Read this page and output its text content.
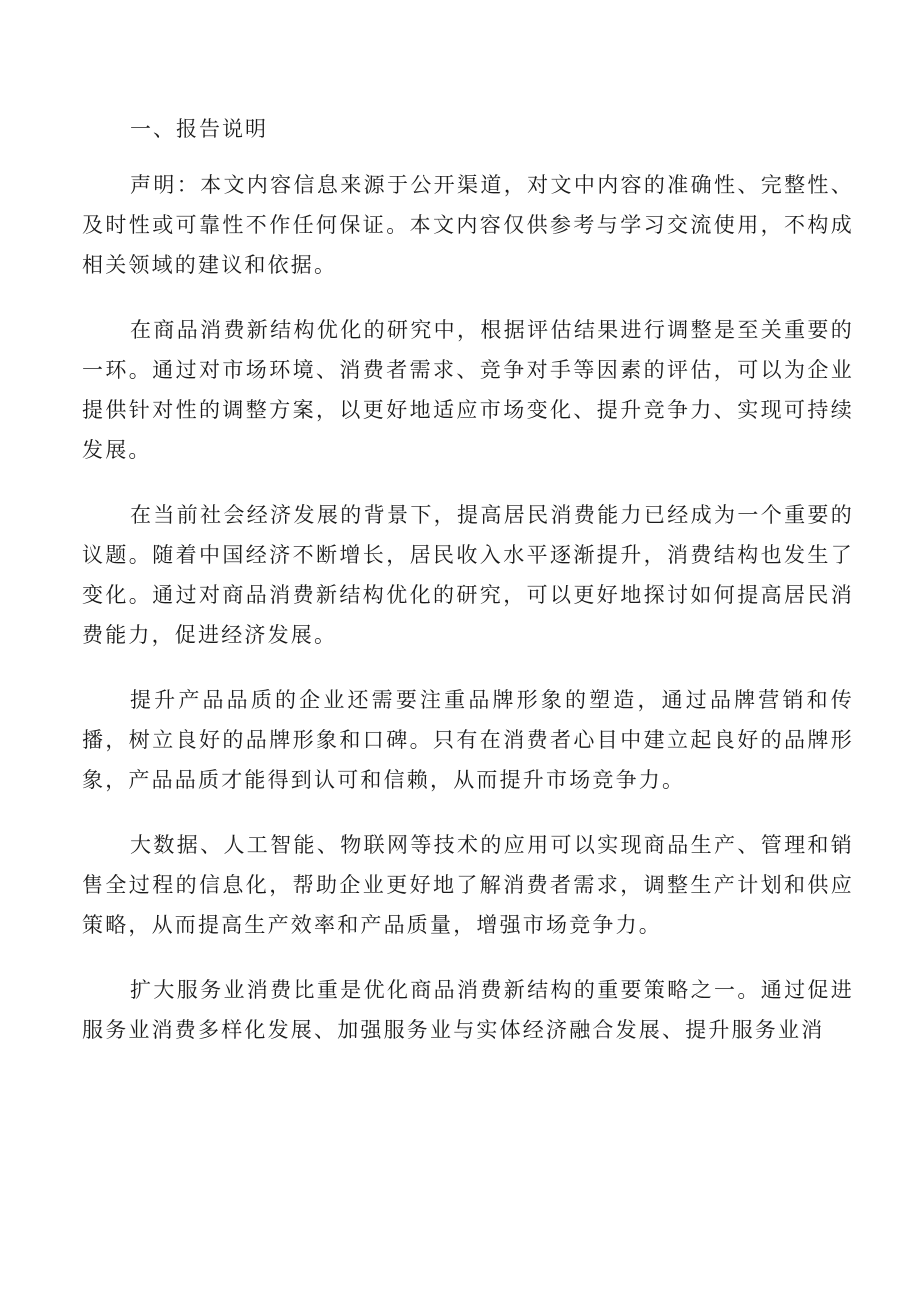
一、报告说明

声明：本文内容信息来源于公开渠道，对文中内容的准确性、完整性、及时性或可靠性不作任何保证。本文内容仅供参考与学习交流使用，不构成相关领域的建议和依据。

在商品消费新结构优化的研究中，根据评估结果进行调整是至关重要的一环。通过对市场环境、消费者需求、竞争对手等因素的评估，可以为企业提供针对性的调整方案，以更好地适应市场变化、提升竞争力、实现可持续发展。

在当前社会经济发展的背景下，提高居民消费能力已经成为一个重要的议题。随着中国经济不断增长，居民收入水平逐渐提升，消费结构也发生了变化。通过对商品消费新结构优化的研究，可以更好地探讨如何提高居民消费能力，促进经济发展。

提升产品品质的企业还需要注重品牌形象的塑造，通过品牌营销和传播，树立良好的品牌形象和口碑。只有在消费者心目中建立起良好的品牌形象，产品品质才能得到认可和信赖，从而提升市场竞争力。

大数据、人工智能、物联网等技术的应用可以实现商品生产、管理和销售全过程的信息化，帮助企业更好地了解消费者需求，调整生产计划和供应策略，从而提高生产效率和产品质量，增强市场竞争力。

扩大服务业消费比重是优化商品消费新结构的重要策略之一。通过促进服务业消费多样化发展、加强服务业与实体经济融合发展、提升服务业消
